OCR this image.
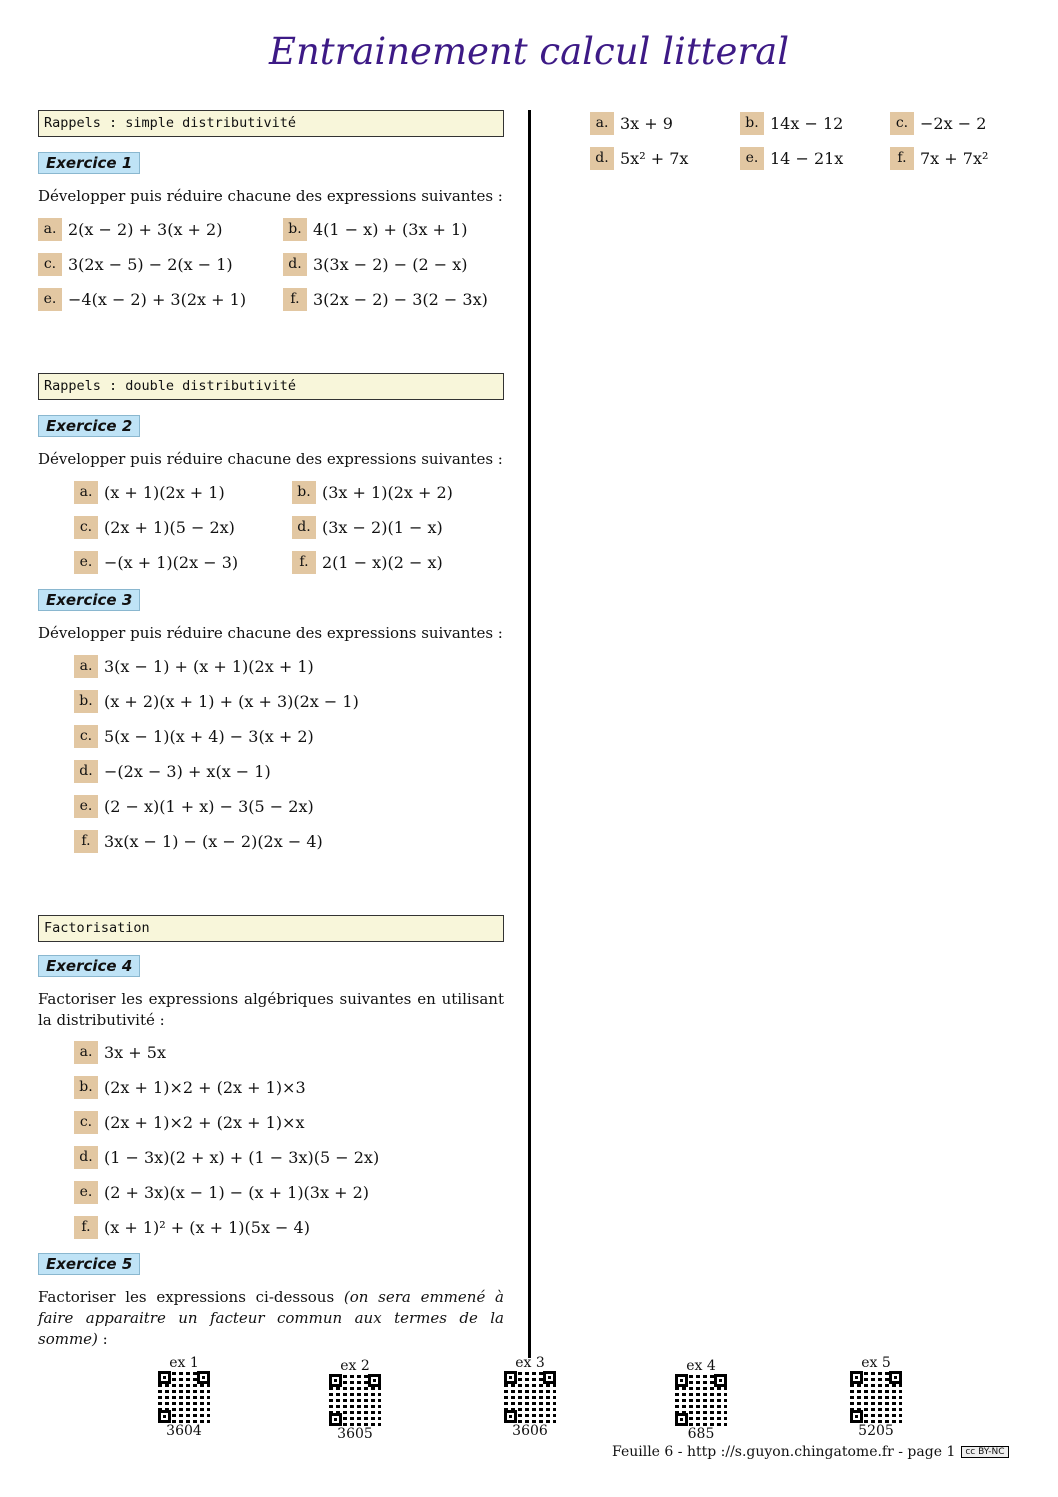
Entrainement calcul litteral
Rappels : simple distributivité
Exercice 1
Développer puis réduire chacune des expressions suivantes :
a. 2(x − 2) + 3(x + 2)	b. 4(1 − x) + (3x + 1)
c. 3(2x − 5) − 2(x − 1)	d. 3(3x − 2) − (2 − x)
e. −4(x − 2) + 3(2x + 1)	f. 3(2x − 2) − 3(2 − 3x)
Rappels : double distributivité
Exercice 2
Développer puis réduire chacune des expressions suivantes :
a. (x + 1)(2x + 1)	b. (3x + 1)(2x + 2)
c. (2x + 1)(5 − 2x)	d. (3x − 2)(1 − x)
e. −(x + 1)(2x − 3)	f. 2(1 − x)(2 − x)
Exercice 3
Développer puis réduire chacune des expressions suivantes :
a. 3(x − 1) + (x + 1)(2x + 1)
b. (x + 2)(x + 1) + (x + 3)(2x − 1)
c. 5(x − 1)(x + 4) − 3(x + 2)
d. −(2x − 3) + x(x − 1)
e. (2 − x)(1 + x) − 3(5 − 2x)
f. 3x(x − 1) − (x − 2)(2x − 4)
Factorisation
Exercice 4
Factoriser les expressions algébriques suivantes en utilisant la distributivité :
a. 3x + 5x
b. (2x + 1)×2 + (2x + 1)×3
c. (2x + 1)×2 + (2x + 1)×x
d. (1 − 3x)(2 + x) + (1 − 3x)(5 − 2x)
e. (2 + 3x)(x − 1) − (x + 1)(3x + 2)
f. (x + 1)² + (x + 1)(5x − 4)
Exercice 5
Factoriser les expressions ci-dessous (on sera emmené à faire apparaitre un facteur commun aux termes de la somme) :
a. 3x + 9	b. 14x − 12	c. −2x − 2
d. 5x² + 7x	e. 14 − 21x	f. 7x + 7x²
ex 1
3604
ex 2
3605
ex 3
3606
ex 4
685
ex 5
5205
Feuille 6 - http ://s.guyon.chingatome.fr - page 1 cc BY-NC
